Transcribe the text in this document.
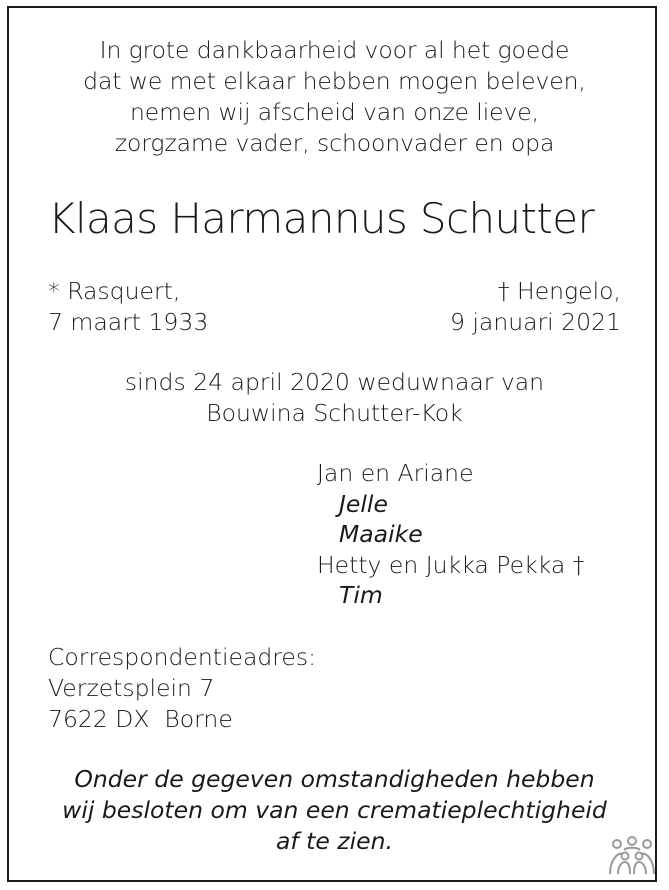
In grote dankbaarheid voor al het goede
dat we met elkaar hebben mogen beleven,
nemen wij afscheid van onze lieve,
zorgzame vader, schoonvader en opa
Klaas Harmannus Schutter
* Rasquert,
7 maart 1933
† Hengelo,
9 januari 2021
sinds 24 april 2020 weduwnaar van
Bouwina Schutter-Kok
Jan en Ariane
Jelle
Maaike
Hetty en Jukka Pekka †
Tim
Correspondentieadres:
Verzetsplein 7
7622 DX  Borne
Onder de gegeven omstandigheden hebben
wij besloten om van een crematieplechtigheid
af te zien.
